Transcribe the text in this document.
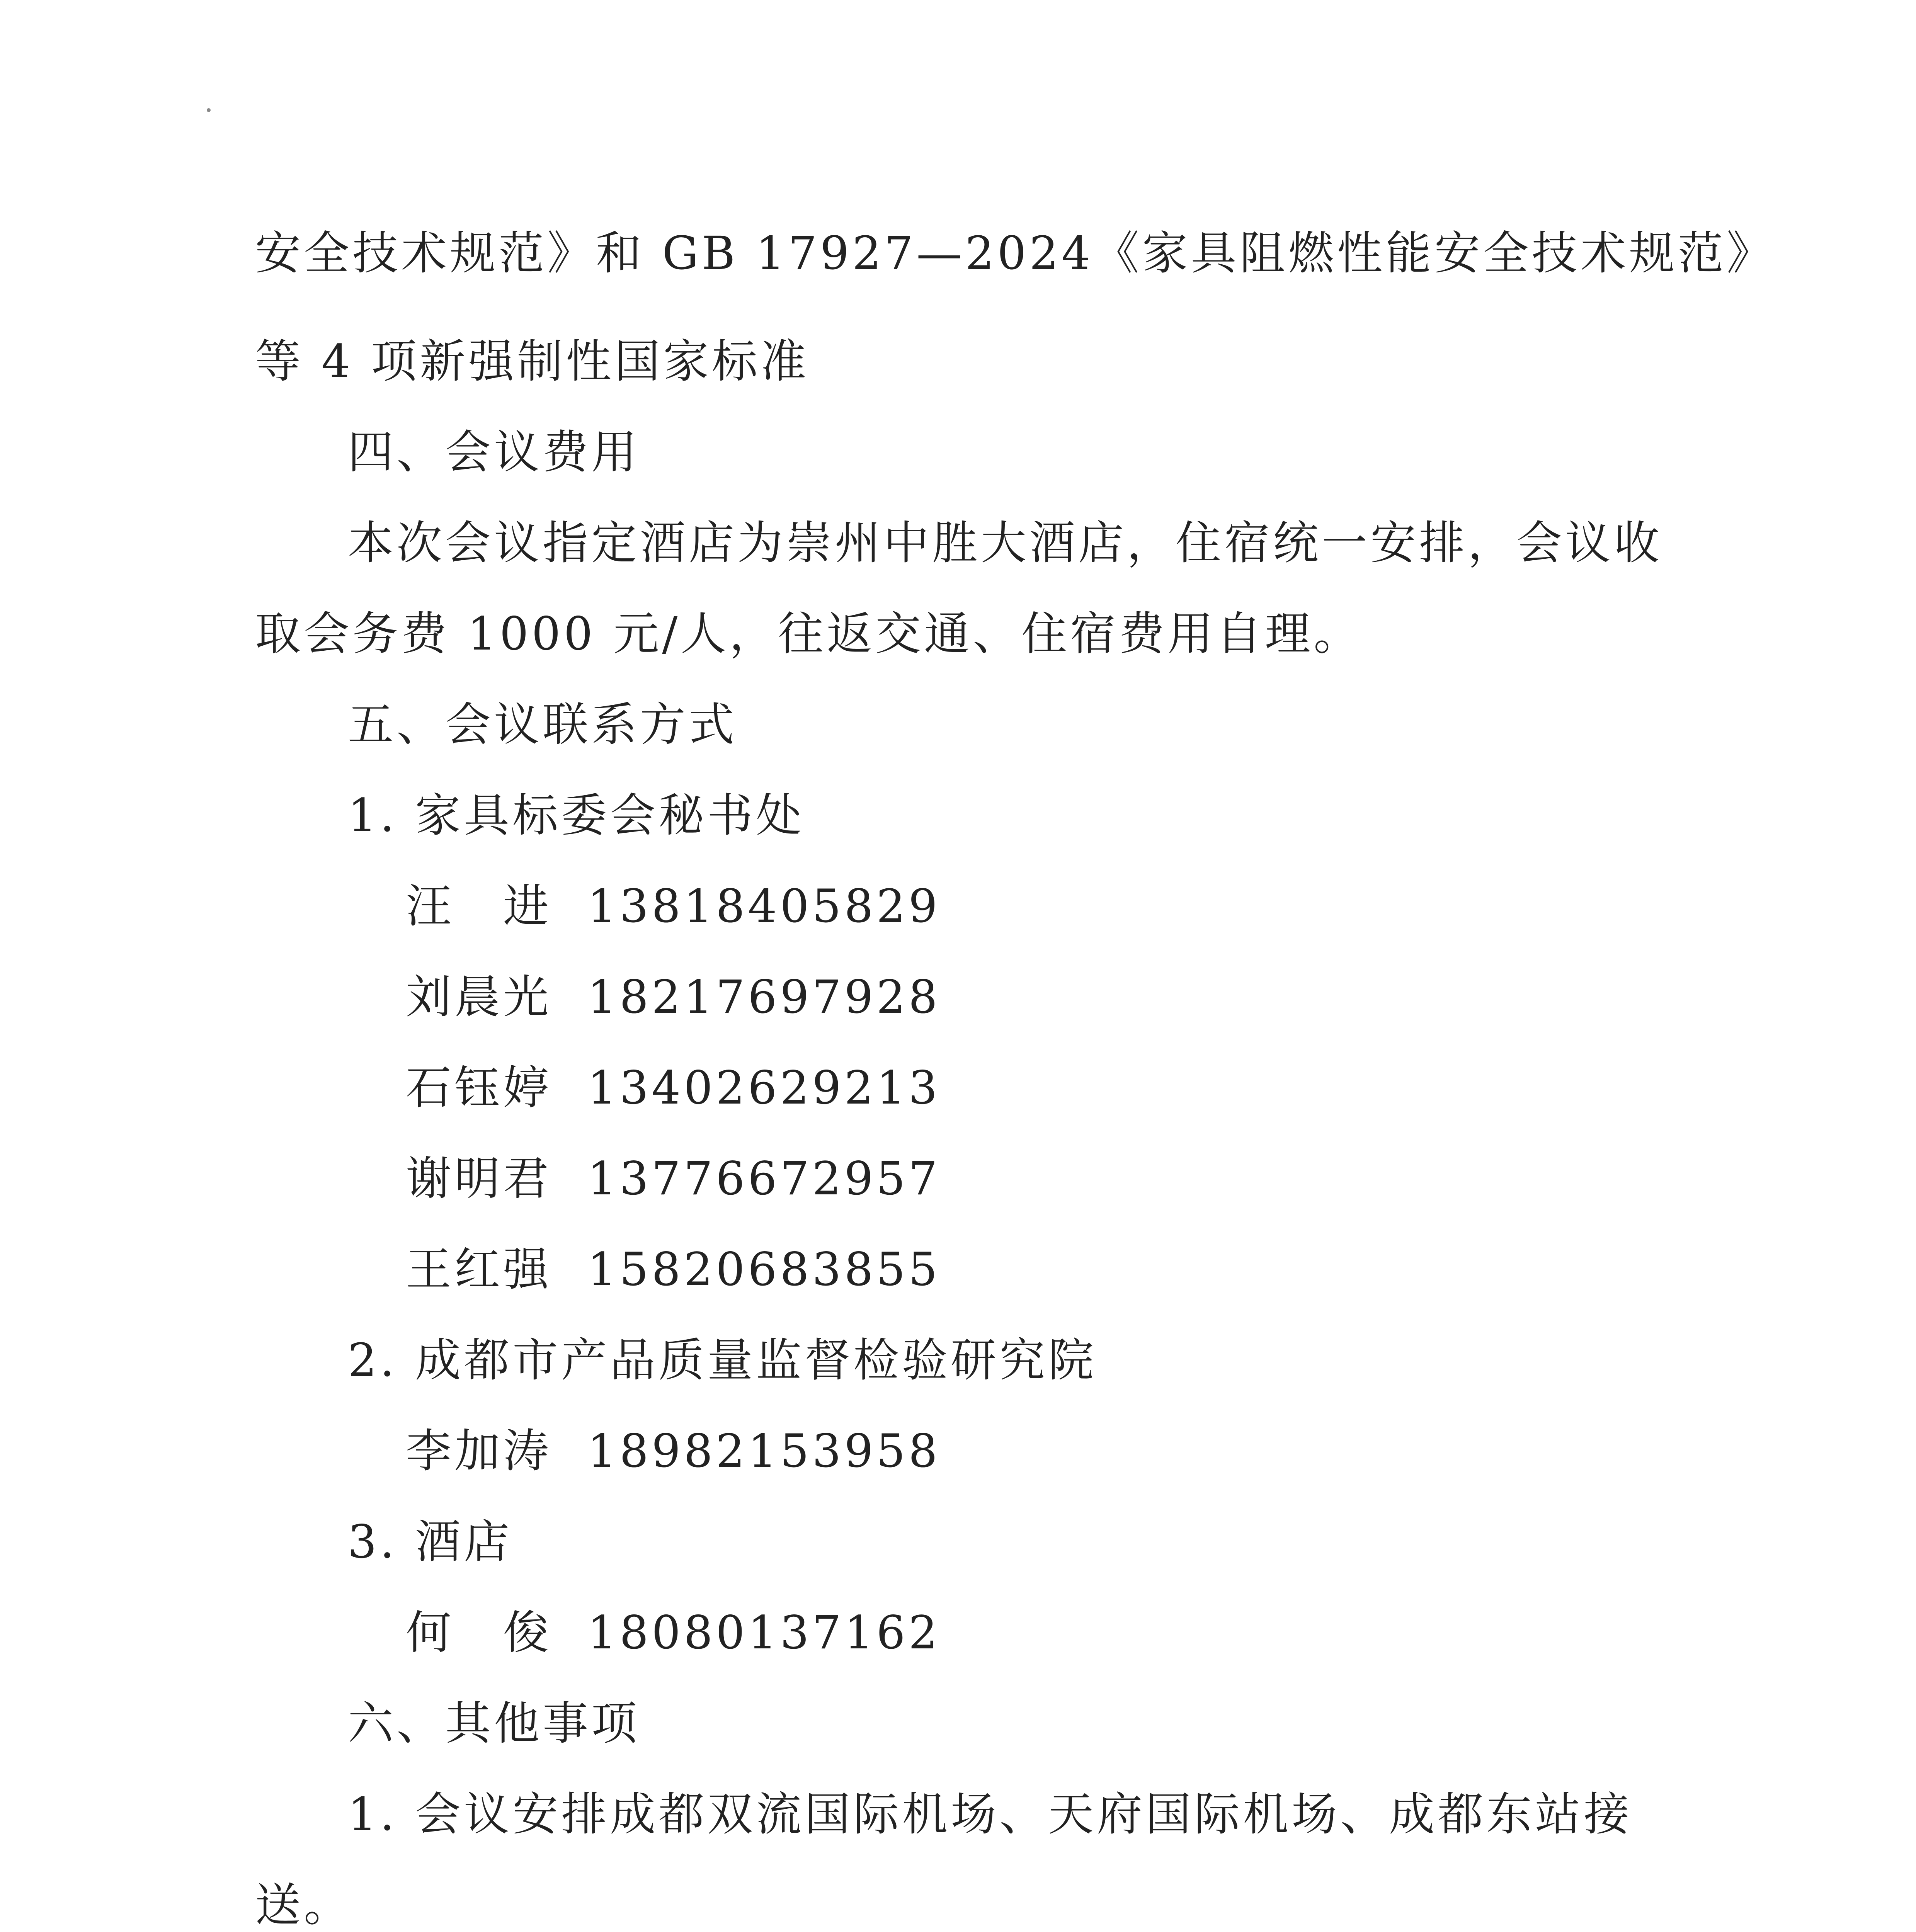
安全技术规范》和 GB 17927—2024《家具阻燃性能安全技术规范》
等 4 项新强制性国家标准
四、会议费用
本次会议指定酒店为崇州中胜大酒店，住宿统一安排，会议收
取会务费 1000 元/人，往返交通、住宿费用自理。
五、会议联系方式
1. 家具标委会秘书处
汪　进 13818405829
刘晨光 18217697928
石钰婷 13402629213
谢明君 13776672957
王红强 15820683855
2. 成都市产品质量监督检验研究院
李加涛 18982153958
3. 酒店
何　俊 18080137162
六、其他事项
1. 会议安排成都双流国际机场、天府国际机场、成都东站接
送。
